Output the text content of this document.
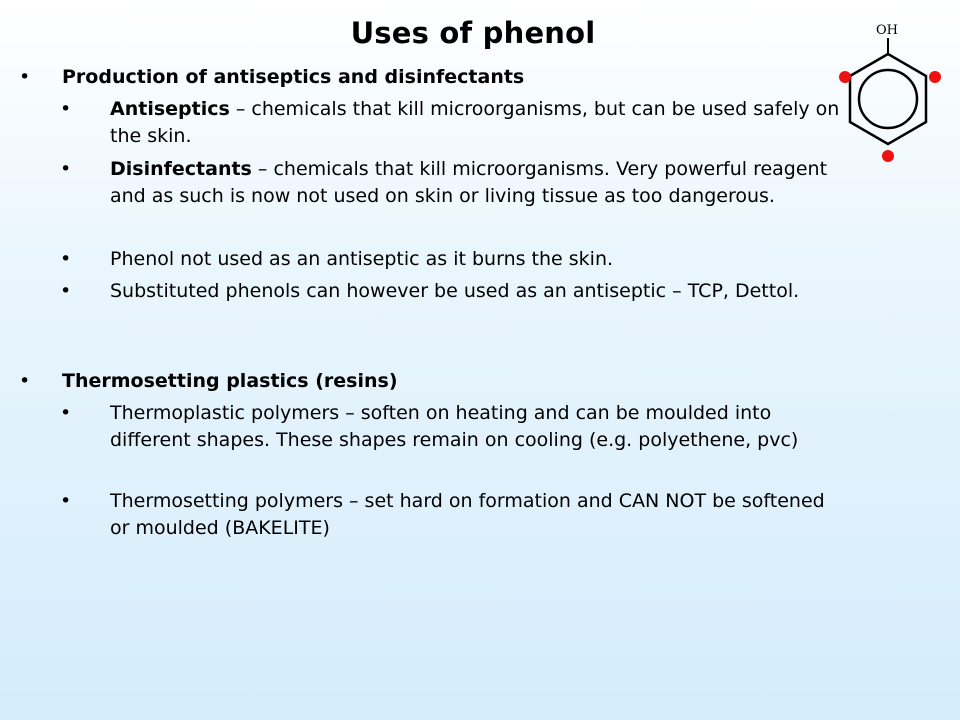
Uses of phenol	OH
• Production of antiseptics and disinfectants
• Antiseptics – chemicals that kill microorganisms, but can be used safely on the skin.
• Disinfectants – chemicals that kill microorganisms. Very powerful reagent and as such is now not used on skin or living tissue as too dangerous.
• Phenol not used as an antiseptic as it burns the skin.
• Substituted phenols can however be used as an antiseptic – TCP, Dettol.
• Thermosetting plastics (resins)
• Thermoplastic polymers – soften on heating and can be moulded into different shapes. These shapes remain on cooling (e.g. polyethene, pvc)
• Thermosetting polymers – set hard on formation and CAN NOT be softened or moulded (BAKELITE)
